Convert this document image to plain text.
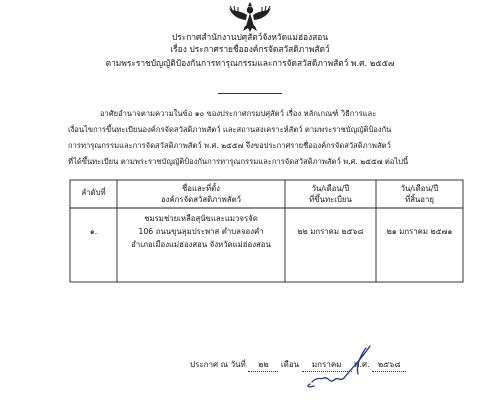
ประกาศสำนักงานปศุสัตว์จังหวัดแม่ฮ่องสอน
เรื่อง ประกาศรายชื่อองค์กรจัดสวัสดิภาพสัตว์
ตามพระราชบัญญัติป้องกันการทารุณกรรมและการจัดสวัสดิภาพสัตว์ พ.ศ. ๒๕๕๗
อาศัยอำนาจตามความในข้อ ๑๐ ของประกาศกรมปศุสัตว์ เรื่อง หลักเกณฑ์ วิธีการและ
เงื่อนไขการขึ้นทะเบียนองค์กรจัดสวัสดิภาพสัตว์ และสถานสงเคราะห์สัตว์ ตามพระราชบัญญัติป้องกัน
การทารุณกรรมและการจัดสวัสดิภาพสัตว์ พ.ศ. ๒๕๕๗ จึงขอประกาศรายชื่อองค์กรจัดสวัสดิภาพสัตว์
ที่ได้ขึ้นทะเบียน ตามพระราชบัญญัติป้องกันการทารุณกรรมและการจัดสวัสดิภาพสัตว์ พ.ศ. ๒๕๕๗ ต่อไปนี้
ลำดับที่	ชื่อและที่ตั้ง
องค์กรจัดสวัสดิภาพสัตว์
วัน/เดือน/ปี
ที่ขึ้นทะเบียน
วัน/เดือน/ปี
ที่สิ้นอายุ
๑.
ชมรมช่วยเหลือสุนัขและแมวจรจัด
106 ถนนขุนลุมประพาส ตำบลจองคำ
อำเภอเมืองแม่ฮ่องสอน จังหวัดแม่ฮ่องสอน
๒๒ มกราคม ๒๕๖๘	๒๑ มกราคม ๒๕๗๑
ประกาศ ณ วันที่ ๒๒ เดือน มกราคม พ.ศ. ๒๕๖๘
